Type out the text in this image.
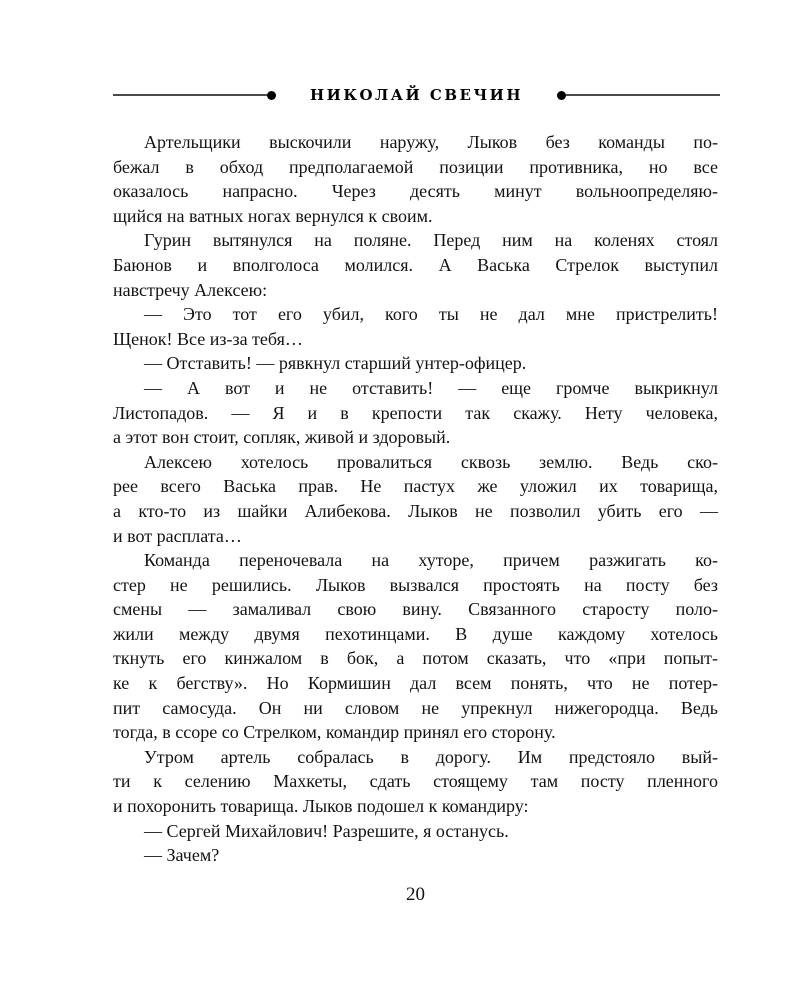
НИКОЛАЙ СВЕЧИН

Артельщики выскочили наружу, Лыков без команды по-
бежал в обход предполагаемой позиции противника, но все
оказалось напрасно. Через десять минут вольноопределяю-
щийся на ватных ногах вернулся к своим.

Гурин вытянулся на поляне. Перед ним на коленях стоял
Баюнов и вполголоса молился. А Васька Стрелок выступил
навстречу Алексею:

— Это тот его убил, кого ты не дал мне пристрелить!
Щенок! Все из-за тебя…

— Отставить! — рявкнул старший унтер-офицер.

— А вот и не отставить! — еще громче выкрикнул
Листопадов. — Я и в крепости так скажу. Нету человека,
а этот вон стоит, сопляк, живой и здоровый.

Алексею хотелось провалиться сквозь землю. Ведь ско-
рее всего Васька прав. Не пастух же уложил их товарища,
а кто-то из шайки Алибекова. Лыков не позволил убить его —
и вот расплата…

Команда переночевала на хуторе, причем разжигать ко-
стер не решились. Лыков вызвался простоять на посту без
смены — замаливал свою вину. Связанного старосту поло-
жили между двумя пехотинцами. В душе каждому хотелось
ткнуть его кинжалом в бок, а потом сказать, что «при попыт-
ке к бегству». Но Кормишин дал всем понять, что не потер-
пит самосуда. Он ни словом не упрекнул нижегородца. Ведь
тогда, в ссоре со Стрелком, командир принял его сторону.

Утром артель собралась в дорогу. Им предстояло вый-
ти к селению Махкеты, сдать стоящему там посту пленного
и похоронить товарища. Лыков подошел к командиру:

— Сергей Михайлович! Разрешите, я останусь.

— Зачем?

20
